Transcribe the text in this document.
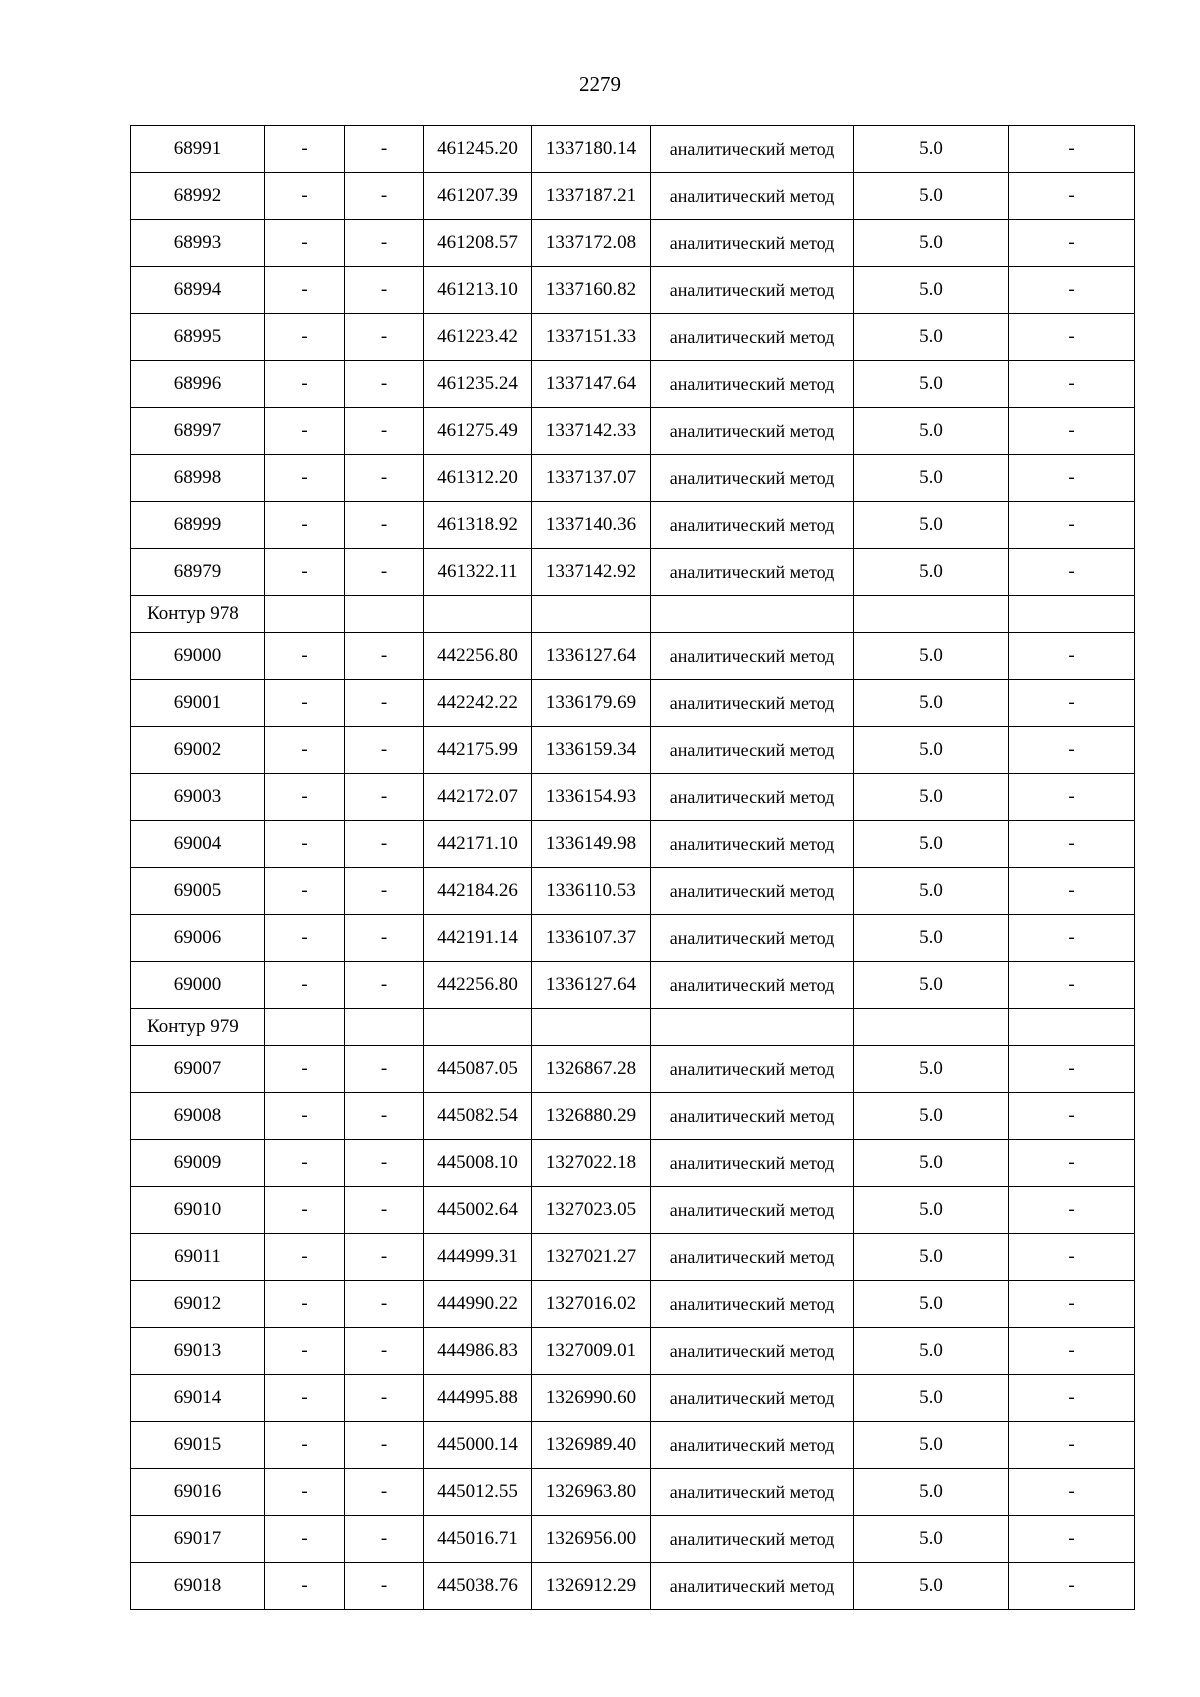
2279
68991	-	-	461245.20	1337180.14	аналитический метод	5.0	-
68992	-	-	461207.39	1337187.21	аналитический метод	5.0	-
68993	-	-	461208.57	1337172.08	аналитический метод	5.0	-
68994	-	-	461213.10	1337160.82	аналитический метод	5.0	-
68995	-	-	461223.42	1337151.33	аналитический метод	5.0	-
68996	-	-	461235.24	1337147.64	аналитический метод	5.0	-
68997	-	-	461275.49	1337142.33	аналитический метод	5.0	-
68998	-	-	461312.20	1337137.07	аналитический метод	5.0	-
68999	-	-	461318.92	1337140.36	аналитический метод	5.0	-
68979	-	-	461322.11	1337142.92	аналитический метод	5.0	-
Контур 978							
69000	-	-	442256.80	1336127.64	аналитический метод	5.0	-
69001	-	-	442242.22	1336179.69	аналитический метод	5.0	-
69002	-	-	442175.99	1336159.34	аналитический метод	5.0	-
69003	-	-	442172.07	1336154.93	аналитический метод	5.0	-
69004	-	-	442171.10	1336149.98	аналитический метод	5.0	-
69005	-	-	442184.26	1336110.53	аналитический метод	5.0	-
69006	-	-	442191.14	1336107.37	аналитический метод	5.0	-
69000	-	-	442256.80	1336127.64	аналитический метод	5.0	-
Контур 979							
69007	-	-	445087.05	1326867.28	аналитический метод	5.0	-
69008	-	-	445082.54	1326880.29	аналитический метод	5.0	-
69009	-	-	445008.10	1327022.18	аналитический метод	5.0	-
69010	-	-	445002.64	1327023.05	аналитический метод	5.0	-
69011	-	-	444999.31	1327021.27	аналитический метод	5.0	-
69012	-	-	444990.22	1327016.02	аналитический метод	5.0	-
69013	-	-	444986.83	1327009.01	аналитический метод	5.0	-
69014	-	-	444995.88	1326990.60	аналитический метод	5.0	-
69015	-	-	445000.14	1326989.40	аналитический метод	5.0	-
69016	-	-	445012.55	1326963.80	аналитический метод	5.0	-
69017	-	-	445016.71	1326956.00	аналитический метод	5.0	-
69018	-	-	445038.76	1326912.29	аналитический метод	5.0	-
